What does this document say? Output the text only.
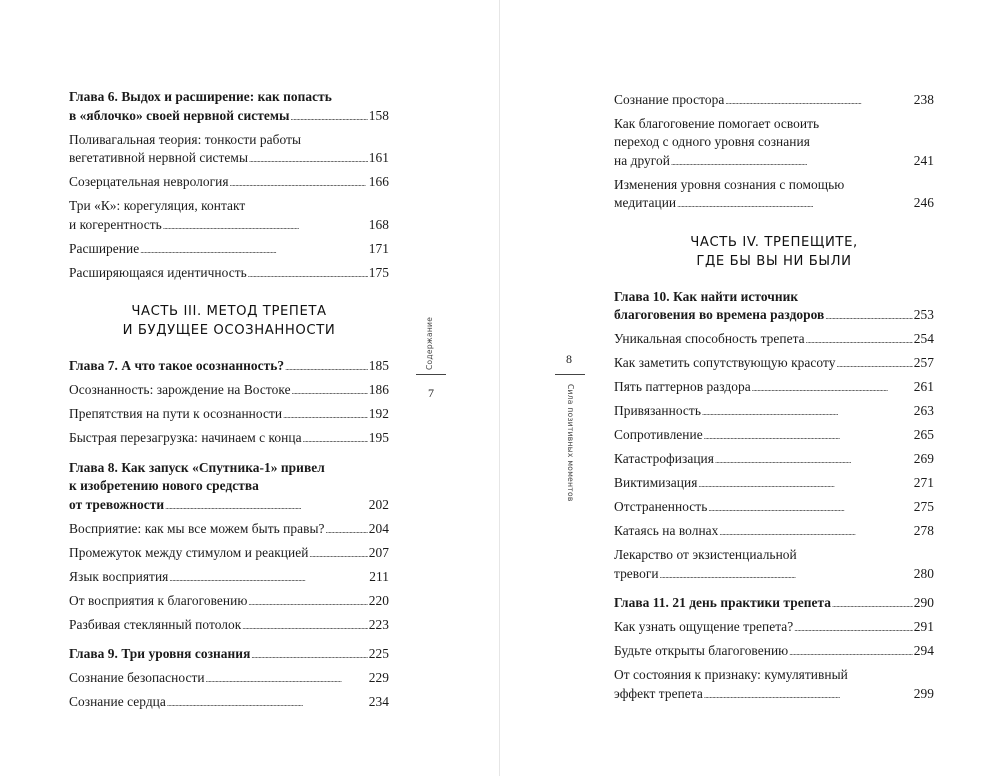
Глава 6. Выдох и расширение: как попасть
в «яблочко» своей нервной системы . . .	158
Поливагальная теория: тонкости работы
вегетативной нервной системы . . .	161
Созерцательная неврология . . .	166
Три «К»: корегуляция, контакт
и когерентность . . .	168
Расширение . . .	171
Расширяющаяся идентичность . . .	175
ЧАСТЬ III. МЕТОД ТРЕПЕТА
И БУДУЩЕЕ ОСОЗНАННОСТИ
Глава 7. А что такое осознанность? . . .	185
Осознанность: зарождение на Востоке . . .	186
Препятствия на пути к осознанности . . .	192
Быстрая перезагрузка: начинаем с конца . . .	195
Глава 8. Как запуск «Спутника-1» привел
к изобретению нового средства
от тревожности . . .	202
Восприятие: как мы все можем быть правы? . . .	204
Промежуток между стимулом и реакцией . . .	207
Язык восприятия . . .	211
От восприятия к благоговению . . .	220
Разбивая стеклянный потолок . . .	223
Глава 9. Три уровня сознания . . .	225
Сознание безопасности . . .	229
Сознание сердца . . .	234
Содержание
7
Сознание простора . . .	238
Как благоговение помогает освоить
переход с одного уровня сознания
на другой . . .	241
Изменения уровня сознания с помощью
медитации . . .	246
ЧАСТЬ IV. ТРЕПЕЩИТЕ,
ГДЕ БЫ ВЫ НИ БЫЛИ
Глава 10. Как найти источник
благоговения во времена раздоров . . .	253
Уникальная способность трепета . . .	254
Как заметить сопутствующую красоту . . .	257
Пять паттернов раздора . . .	261
Привязанность . . .	263
Сопротивление . . .	265
Катастрофизация . . .	269
Виктимизация . . .	271
Отстраненность . . .	275
Катаясь на волнах . . .	278
Лекарство от экзистенциальной
тревоги . . .	280
Глава 11. 21 день практики трепета . . .	290
Как узнать ощущение трепета? . . .	291
Будьте открыты благоговению . . .	294
От состояния к признаку: кумулятивный
эффект трепета . . .	299
8
Сила позитивных моментов
